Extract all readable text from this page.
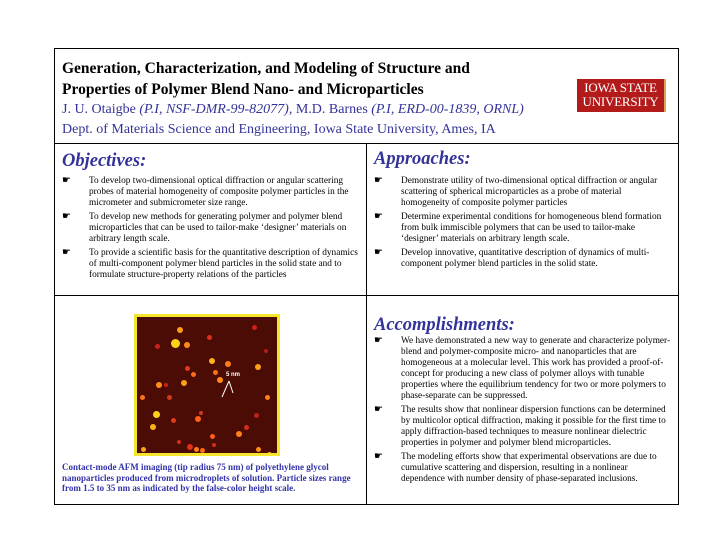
Generation, Characterization, and Modeling of Structure and
Properties of Polymer Blend Nano- and Microparticles
J. U. Otaigbe (P.I, NSF-DMR-99-82077), M.D. Barnes (P.I, ERD-00-1839, ORNL)
Dept. of Materials Science and Engineering, Iowa State University, Ames, IA
IOWA STATE
UNIVERSITY
Objectives:
☛ To develop two-dimensional optical diffraction or angular scattering probes of material homogeneity of composite polymer particles in the micrometer and submicrometer size range.
☛ To develop new methods for generating polymer and polymer blend microparticles that can be used to tailor-make ‘designer’ materials on arbitrary length scale.
☛ To provide a scientific basis for the quantitative description of dynamics of multi-component polymer blend particles in the solid state and to formulate structure-property relations of the particles
Approaches:
☛ Demonstrate utility of two-dimensional optical diffraction or angular scattering of spherical microparticles as a probe of material homogeneity of composite polymer particles
☛ Determine experimental conditions for homogeneous blend formation from bulk immiscible polymers that can be used to tailor-make ‘designer’ materials on arbitrary length scale.
☛ Develop innovative, quantitative description of dynamics of multi-component polymer blend particles in the solid state.
Accomplishments:
☛ We have demonstrated a new way to generate and characterize polymer-blend and polymer-composite micro- and nanoparticles that are homogeneous at a molecular level. This work has provided a proof-of-concept for producing a new class of polymer alloys with tunable properties where the equilibrium tendency for two or more polymers to phase-separate can be suppressed.
☛ The results show that nonlinear dispersion functions can be determined by multicolor optical diffraction, making it possible for the first time to apply diffraction-based techniques to measure nonlinear dielectric properties in polymer and polymer blend microparticles.
☛ The modeling efforts show that experimental observations are due to cumulative scattering and dispersion, resulting in a nonlinear dependence with number density of phase-separated inclusions.
5 nm
Contact-mode AFM imaging (tip radius 75 nm) of polyethylene glycol nanoparticles produced from microdroplets of solution. Particle sizes range from 1.5 to 35 nm as indicated by the false-color height scale.
